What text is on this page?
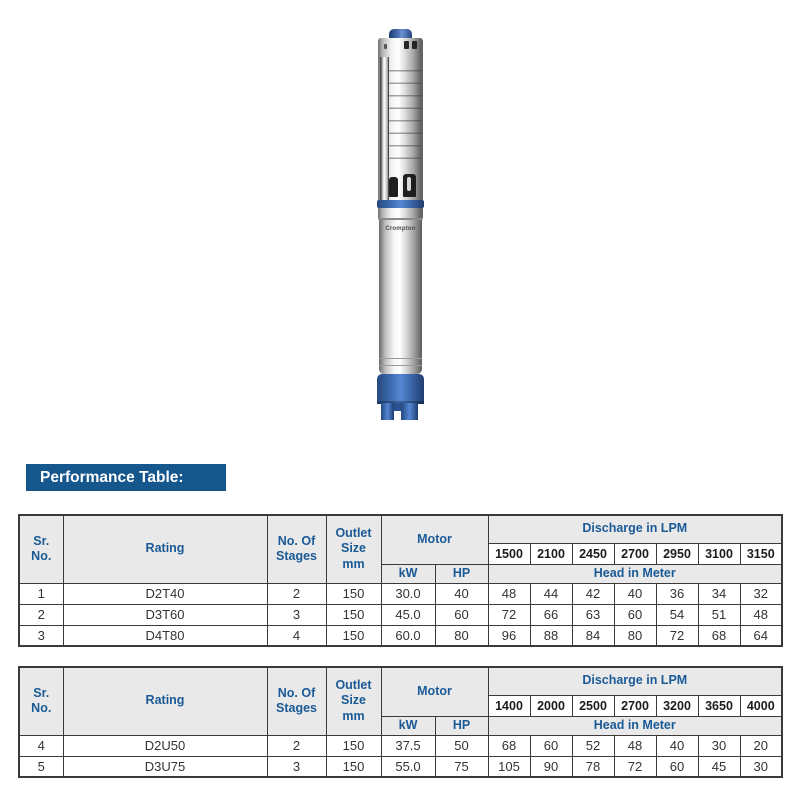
Crompton
Performance Table:
Sr. No.	Rating	No. Of Stages	Outlet Size mm	Motor		Discharge in LPM						
						1500	2100	2450	2700	2950	3100	3150
				kW	HP	Head in Meter						
1	D2T40	2	150	30.0	40	48	44	42	40	36	34	32
2	D3T60	3	150	45.0	60	72	66	63	60	54	51	48
3	D4T80	4	150	60.0	80	96	88	84	80	72	68	64
Sr. No.	Rating	No. Of Stages	Outlet Size mm	Motor		Discharge in LPM						
						1400	2000	2500	2700	3200	3650	4000
				kW	HP	Head in Meter						
4	D2U50	2	150	37.5	50	68	60	52	48	40	30	20
5	D3U75	3	150	55.0	75	105	90	78	72	60	45	30
